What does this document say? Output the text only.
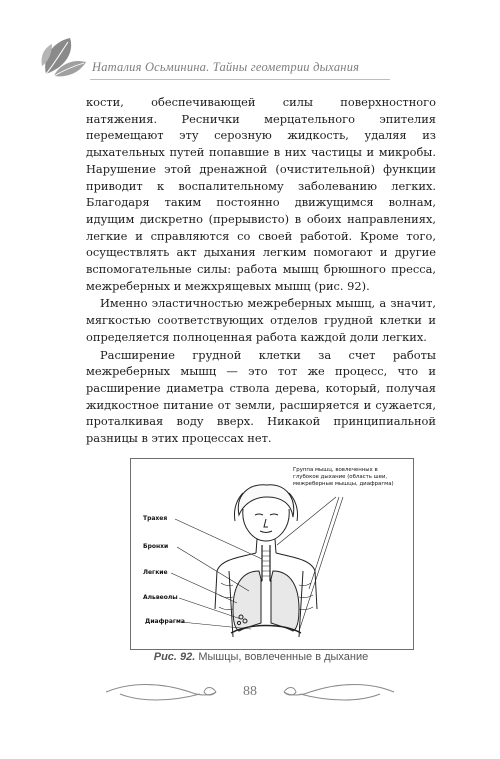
Наталия Осьминина. Тайны геометрии дыхания

кости, обеспечивающей силы поверхностного натяжения. Реснички мерцательного эпителия перемещают эту серозную жидкость, удаляя из дыхательных путей попавшие в них частицы и микробы. Нарушение этой дренажной (очистительной) функции приводит к воспалительному заболеванию легких. Благодаря таким постоянно движущимся волнам, идущим дискретно (прерывисто) в обоих направлениях, легкие и справляются со своей работой. Кроме того, осуществлять акт дыхания легким помогают и другие вспомогательные силы: работа мышц брюшного пресса, межреберных и межхрящевых мышц (рис. 92).

Именно эластичностью межреберных мышц, а значит, мягкостью соответствующих отделов грудной клетки и определяется полноценная работа каждой доли легких.

Расширение грудной клетки за счет работы межреберных мышц — это тот же процесс, что и расширение диаметра ствола дерева, который, получая жидкостное питание от земли, расширяется и сужается, проталкивая воду вверх. Никакой принципиальной разницы в этих процессах нет.

Трахея
Бронхи
Легкие
Альвеолы
Диафрагма
Группа мышц, вовлеченных в глубокое дыхание (область шеи, межреберные мышцы, диафрагма)
Рис. 92. Мышцы, вовлеченные в дыхание
88
